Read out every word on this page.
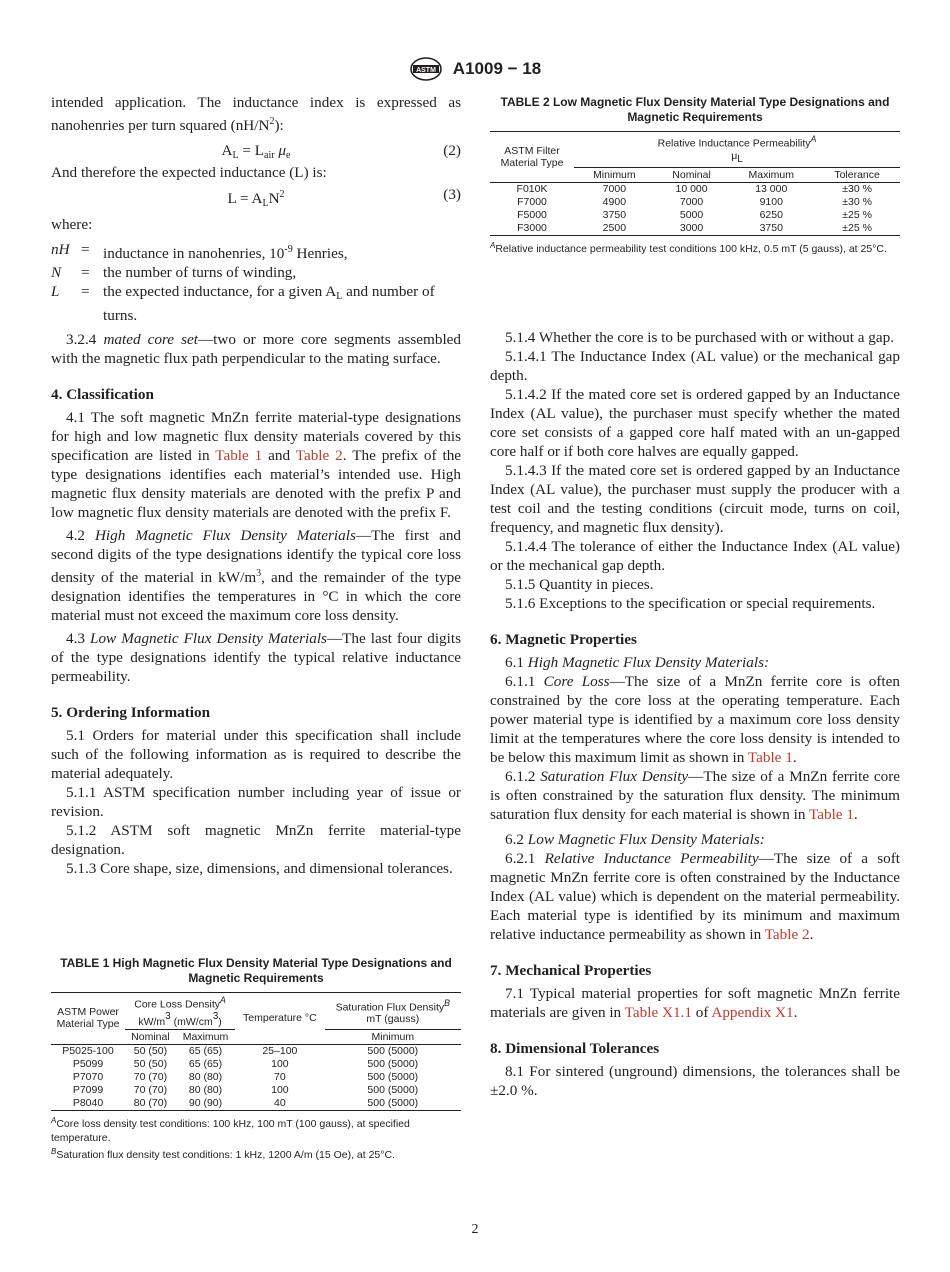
ASTM A1009 − 18

intended application. The inductance index is expressed as nanohenries per turn squared $(nH/N^2)$:

$A_L = L_{air}$ $\mu_e$	(2)

And therefore the expected inductance (L) is:

$L = A_LN^2$	(3)

where:

nH = inductance in nanohenries, $10^{-9}$ Henries,
N	= the number of turns of winding,
L	= the expected inductance, for a given $A_L$ and number of turns.

3.2.4 mated core set—two or more core segments assembled with the magnetic flux path perpendicular to the mating surface.

4. Classification

4.1 The soft magnetic MnZn ferrite material-type designations for high and low magnetic flux density materials covered by this specification are listed in Table 1 and Table 2. The prefix of the type designations identifies each material’s intended use. High magnetic flux density materials are denoted with the prefix P and low magnetic flux density materials are denoted with the prefix F.

4.2 High Magnetic Flux Density Materials—The first and second digits of the type designations identify the typical core loss density of the material in $kW/m^3$, and the remainder of the type designation identifies the temperatures in °C in which the core material must not exceed the maximum core loss density.

4.3 Low Magnetic Flux Density Materials—The last four digits of the type designations identify the typical relative inductance permeability.

5. Ordering Information

5.1 Orders for material under this specification shall include such of the following information as is required to describe the material adequately.

5.1.1 ASTM specification number including year of issue or revision.

5.1.2 ASTM soft magnetic MnZn ferrite material-type designation.

5.1.3 Core shape, size, dimensions, and dimensional tolerances.

TABLE 2 Low Magnetic Flux Density Material Type Designations and Magnetic Requirements
ASTM Filter Material Type	Relative Inductance Permeability$^A$
μL			
	Minimum	Nominal	Maximum	Tolerance
F010K	7000	10 000	13 000	±30 %
F7000	4900	7000	9100	±30 %
F5000	3750	5000	6250	±25 %
F3000	2500	3000	3750	±25 %
$^A$Relative inductance permeability test conditions 100 kHz, 0.5 mT (5 gauss), at 25°C.
TABLE 1 High Magnetic Flux Density Material Type Designations and Magnetic Requirements
ASTM Power Material Type	Core Loss Density$^A$
kW/m3 (mW/cm3)		Temperature °C	Saturation Flux Density$^B$
mT (gauss)
	Nominal	Maximum		Minimum
P5025-100	50 (50)	65 (65)	25–100	500 (5000)
P5099	50 (50)	65 (65)	100	500 (5000)
P7070	70 (70)	80 (80)	70	500 (5000)
P7099	70 (70)	80 (80)	100	500 (5000)
P8040	80 (70)	90 (90)	40	500 (5000)
$^A$Core loss density test conditions: 100 kHz, 100 mT (100 gauss), at specified temperature.
$^B$Saturation flux density test conditions: 1 kHz, 1200 A/m (15 Oe), at 25°C.

5.1.4 Whether the core is to be purchased with or without a gap.

5.1.4.1 The Inductance Index (AL value) or the mechanical gap depth.

5.1.4.2 If the mated core set is ordered gapped by an Inductance Index (AL value), the purchaser must specify whether the mated core set consists of a gapped core half mated with an un-gapped core half or if both core halves are equally gapped.

5.1.4.3 If the mated core set is ordered gapped by an Inductance Index (AL value), the purchaser must supply the producer with a test coil and the testing conditions (circuit mode, turns on coil, frequency, and magnetic flux density).

5.1.4.4 The tolerance of either the Inductance Index (AL value) or the mechanical gap depth.

5.1.5 Quantity in pieces.

5.1.6 Exceptions to the specification or special requirements.

6. Magnetic Properties

6.1 High Magnetic Flux Density Materials:

6.1.1 Core Loss—The size of a MnZn ferrite core is often constrained by the core loss at the operating temperature. Each power material type is identified by a maximum core loss density limit at the temperatures where the core loss density is intended to be below this maximum limit as shown in Table 1.

6.1.2 Saturation Flux Density—The size of a MnZn ferrite core is often constrained by the saturation flux density. The minimum saturation flux density for each material is shown in Table 1.

6.2 Low Magnetic Flux Density Materials:

6.2.1 Relative Inductance Permeability—The size of a soft magnetic MnZn ferrite core is often constrained by the Inductance Index (AL value) which is dependent on the material permeability. Each material type is identified by its minimum and maximum relative inductance permeability as shown in Table 2.

7. Mechanical Properties

7.1 Typical material properties for soft magnetic MnZn ferrite materials are given in Table X1.1 of Appendix X1.

8. Dimensional Tolerances

8.1 For sintered (unground) dimensions, the tolerances shall be ±2.0 %.

2
